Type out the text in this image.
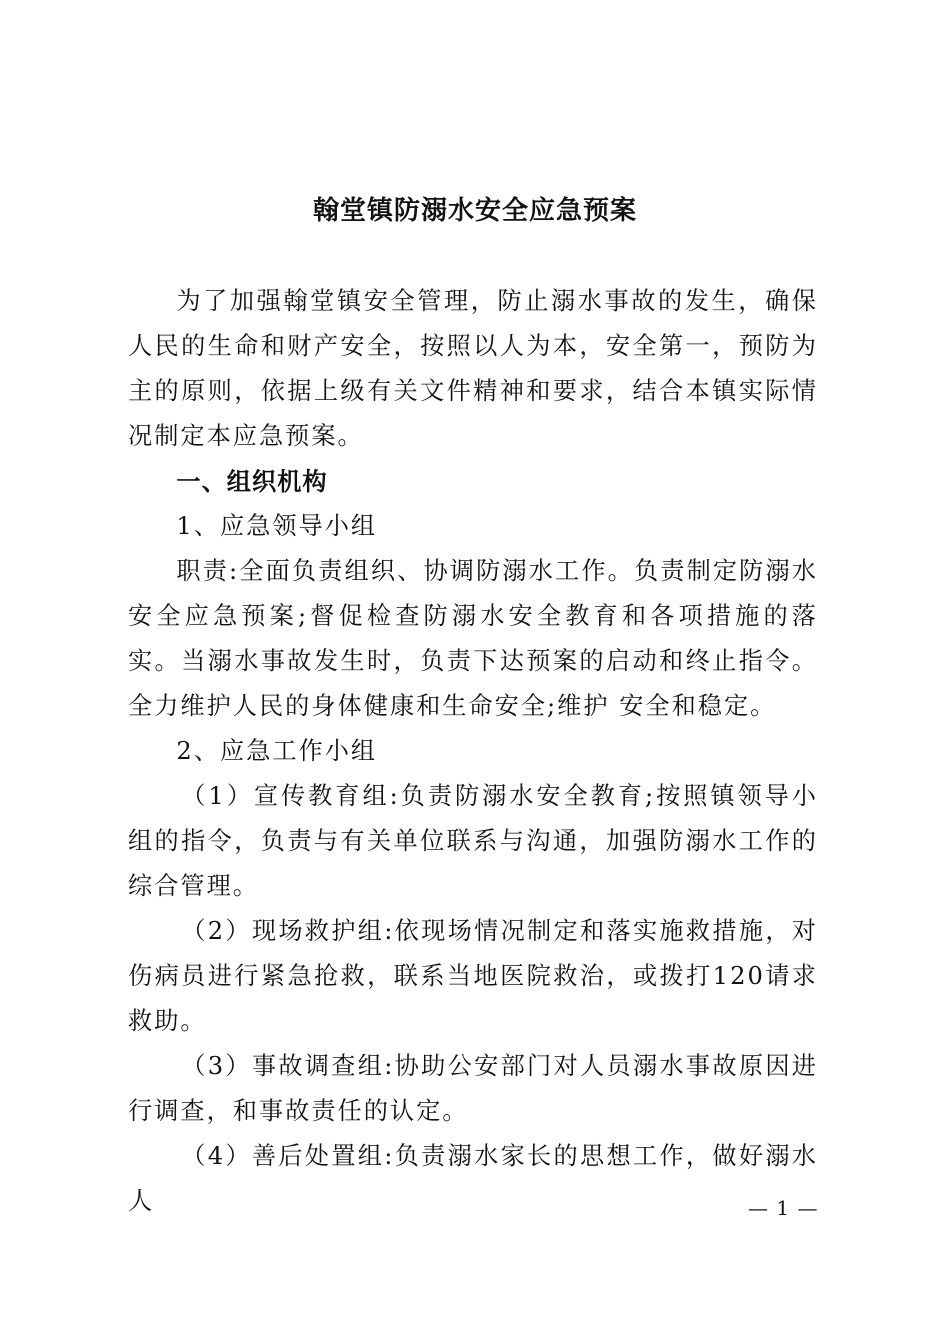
翰堂镇防溺水安全应急预案

为了加强翰堂镇安全管理，防止溺水事故的发生，确保人民的生命和财产安全，按照以人为本，安全第一，预防为主的原则，依据上级有关文件精神和要求，结合本镇实际情况制定本应急预案。

一、组织机构

1、应急领导小组

职责:全面负责组织、协调防溺水工作。负责制定防溺水安全应急预案;督促检查防溺水安全教育和各项措施的落实。当溺水事故发生时，负责下达预案的启动和终止指令。全力维护人民的身体健康和生命安全;维护 安全和稳定。

2、应急工作小组

（1）宣传教育组:负责防溺水安全教育;按照镇领导小组的指令，负责与有关单位联系与沟通，加强防溺水工作的综合管理。

（2）现场救护组:依现场情况制定和落实施救措施，对伤病员进行紧急抢救，联系当地医院救治，或拨打120请求救助。

（3）事故调查组:协助公安部门对人员溺水事故原因进行调查，和事故责任的认定。

（4）善后处置组:负责溺水家长的思想工作，做好溺水人	— 1 —
